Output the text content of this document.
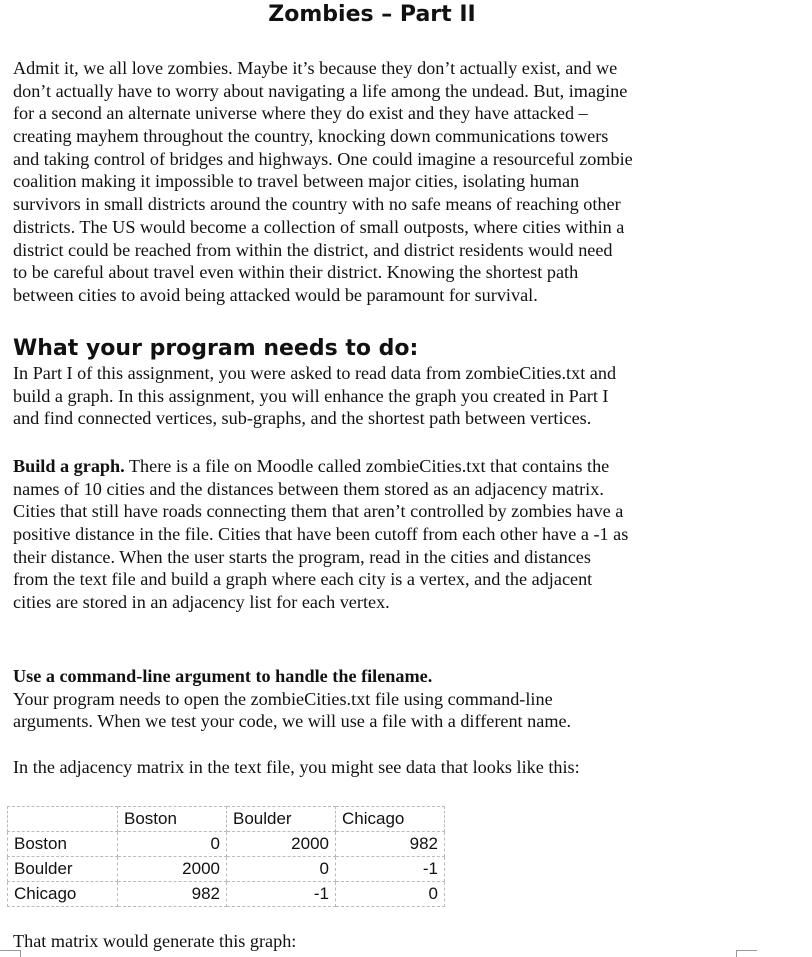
Zombies – Part II
Admit it, we all love zombies. Maybe it’s because they don’t actually exist, and we
don’t actually have to worry about navigating a life among the undead. But, imagine
for a second an alternate universe where they do exist and they have attacked –
creating mayhem throughout the country, knocking down communications towers
and taking control of bridges and highways. One could imagine a resourceful zombie
coalition making it impossible to travel between major cities, isolating human
survivors in small districts around the country with no safe means of reaching other
districts. The US would become a collection of small outposts, where cities within a
district could be reached from within the district, and district residents would need
to be careful about travel even within their district. Knowing the shortest path
between cities to avoid being attacked would be paramount for survival.
What your program needs to do:
In Part I of this assignment, you were asked to read data from zombieCities.txt and
build a graph. In this assignment, you will enhance the graph you created in Part I
and find connected vertices, sub-graphs, and the shortest path between vertices.
Build a graph. There is a file on Moodle called zombieCities.txt that contains the
names of 10 cities and the distances between them stored as an adjacency matrix.
Cities that still have roads connecting them that aren’t controlled by zombies have a
positive distance in the file. Cities that have been cutoff from each other have a -1 as
their distance. When the user starts the program, read in the cities and distances
from the text file and build a graph where each city is a vertex, and the adjacent
cities are stored in an adjacency list for each vertex.
Use a command-line argument to handle the filename.
Your program needs to open the zombieCities.txt file using command-line
arguments. When we test your code, we will use a file with a different name.
In the adjacency matrix in the text file, you might see data that looks like this:
	Boston	Boulder	Chicago
Boston	0	2000	982
Boulder	2000	0	-1
Chicago	982	-1	0
That matrix would generate this graph:
